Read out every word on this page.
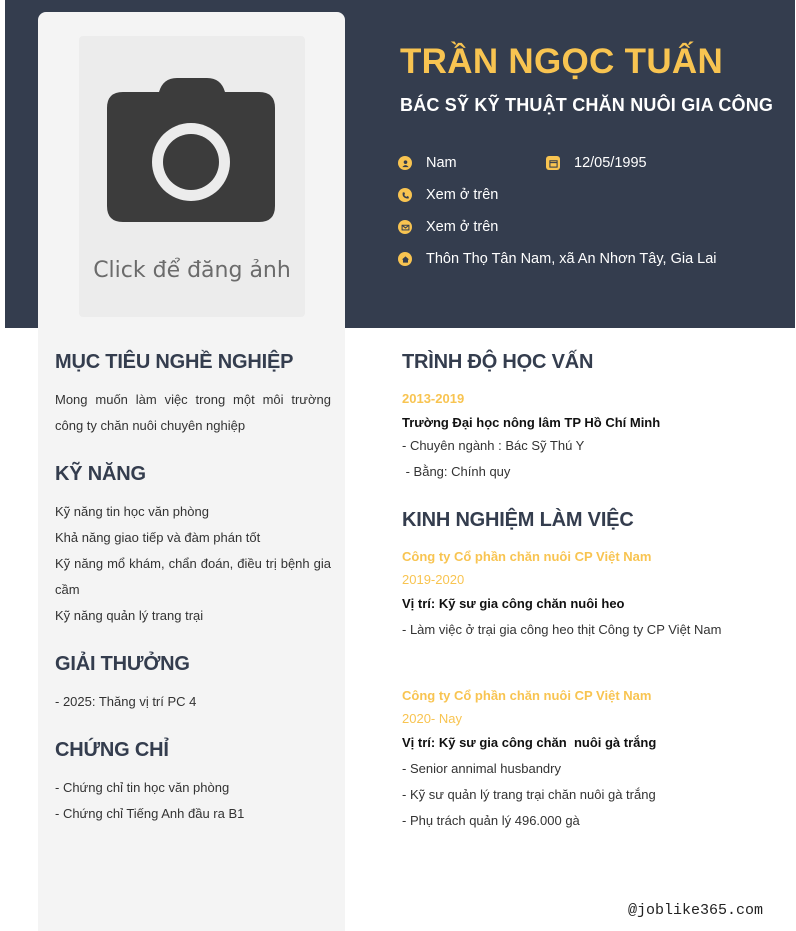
Click để đăng ảnh
TRẦN NGỌC TUẤN
BÁC SỸ KỸ THUẬT CHĂN NUÔI GIA CÔNG
Nam	12/05/1995
Xem ở trên
Xem ở trên
Thôn Thọ Tân Nam, xã An Nhơn Tây, Gia Lai
MỤC TIÊU NGHỀ NGHIỆP

Mong muốn làm việc trong một môi trường công ty chăn nuôi chuyên nghiệp

KỸ NĂNG

Kỹ năng tin học văn phòng

Khả năng giao tiếp và đàm phán tốt

Kỹ năng mổ khám, chẩn đoán, điều trị bệnh gia cầm

Kỹ năng quản lý trang trại

GIẢI THƯỞNG

- 2025: Thăng vị trí PC 4

CHỨNG CHỈ

- Chứng chỉ tin học văn phòng

- Chứng chỉ Tiếng Anh đầu ra B1

TRÌNH ĐỘ HỌC VẤN

2013-2019

Trường Đại học nông lâm TP Hồ Chí Minh

- Chuyên ngành : Bác Sỹ Thú Y

- Bằng: Chính quy

KINH NGHIỆM LÀM VIỆC

Công ty Cổ phần chăn nuôi CP Việt Nam

2019-2020

Vị trí: Kỹ sư gia công chăn nuôi heo

- Làm việc ở trại gia công heo thịt Công ty CP Việt Nam

Công ty Cổ phần chăn nuôi CP Việt Nam

2020- Nay

Vị trí: Kỹ sư gia công chăn  nuôi gà trắng

- Senior annimal husbandry

- Kỹ sư quản lý trang trại chăn nuôi gà trắng

- Phụ trách quản lý 496.000 gà

@joblike365.com
